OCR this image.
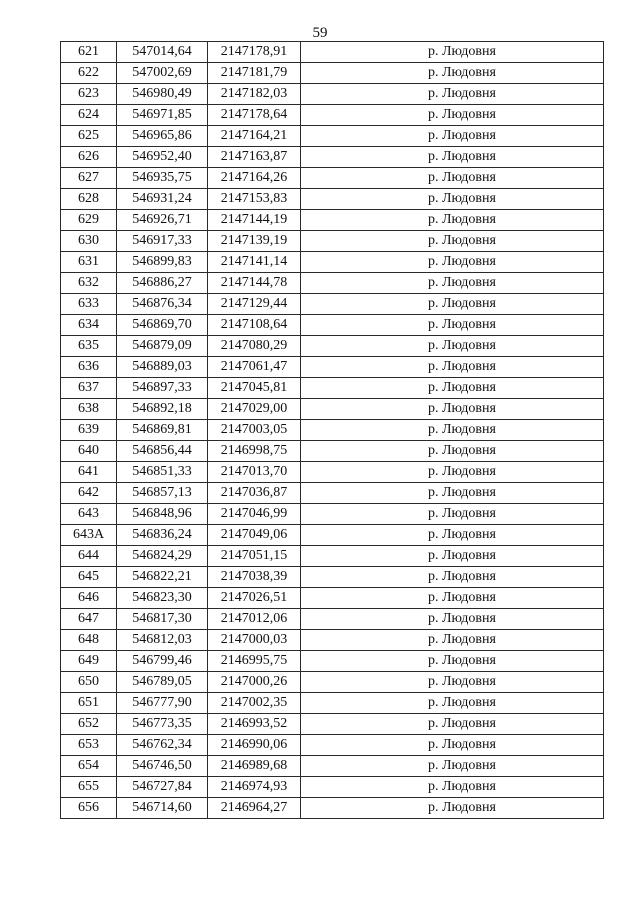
59
621	547014,64	2147178,91	р. Людовня
622	547002,69	2147181,79	р. Людовня
623	546980,49	2147182,03	р. Людовня
624	546971,85	2147178,64	р. Людовня
625	546965,86	2147164,21	р. Людовня
626	546952,40	2147163,87	р. Людовня
627	546935,75	2147164,26	р. Людовня
628	546931,24	2147153,83	р. Людовня
629	546926,71	2147144,19	р. Людовня
630	546917,33	2147139,19	р. Людовня
631	546899,83	2147141,14	р. Людовня
632	546886,27	2147144,78	р. Людовня
633	546876,34	2147129,44	р. Людовня
634	546869,70	2147108,64	р. Людовня
635	546879,09	2147080,29	р. Людовня
636	546889,03	2147061,47	р. Людовня
637	546897,33	2147045,81	р. Людовня
638	546892,18	2147029,00	р. Людовня
639	546869,81	2147003,05	р. Людовня
640	546856,44	2146998,75	р. Людовня
641	546851,33	2147013,70	р. Людовня
642	546857,13	2147036,87	р. Людовня
643	546848,96	2147046,99	р. Людовня
643А	546836,24	2147049,06	р. Людовня
644	546824,29	2147051,15	р. Людовня
645	546822,21	2147038,39	р. Людовня
646	546823,30	2147026,51	р. Людовня
647	546817,30	2147012,06	р. Людовня
648	546812,03	2147000,03	р. Людовня
649	546799,46	2146995,75	р. Людовня
650	546789,05	2147000,26	р. Людовня
651	546777,90	2147002,35	р. Людовня
652	546773,35	2146993,52	р. Людовня
653	546762,34	2146990,06	р. Людовня
654	546746,50	2146989,68	р. Людовня
655	546727,84	2146974,93	р. Людовня
656	546714,60	2146964,27	р. Людовня
